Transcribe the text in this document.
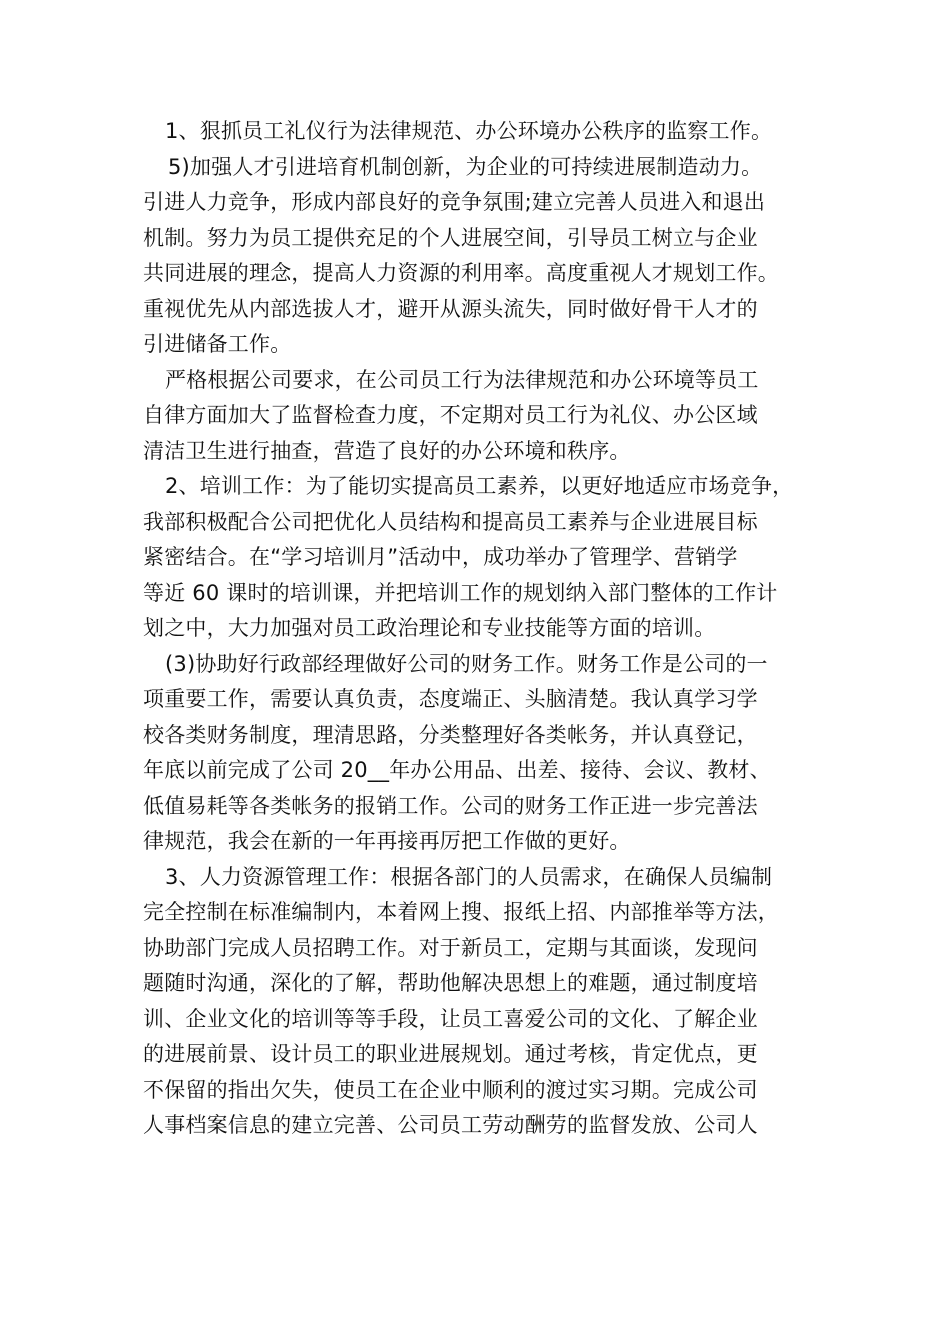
1、狠抓员工礼仪行为法律规范、办公环境办公秩序的监察工作。
5)加强人才引进培育机制创新，为企业的可持续进展制造动力。
引进人力竞争，形成内部良好的竞争氛围;建立完善人员进入和退出
机制。努力为员工提供充足的个人进展空间，引导员工树立与企业
共同进展的理念，提高人力资源的利用率。高度重视人才规划工作。
重视优先从内部选拔人才，避开从源头流失，同时做好骨干人才的
引进储备工作。
严格根据公司要求，在公司员工行为法律规范和办公环境等员工
自律方面加大了监督检查力度，不定期对员工行为礼仪、办公区域
清洁卫生进行抽查，营造了良好的办公环境和秩序。
2、培训工作：为了能切实提高员工素养，以更好地适应市场竞争，
我部积极配合公司把优化人员结构和提高员工素养与企业进展目标
紧密结合。在“学习培训月”活动中，成功举办了管理学、营销学
等近 60 课时的培训课，并把培训工作的规划纳入部门整体的工作计
划之中，大力加强对员工政治理论和专业技能等方面的培训。
(3)协助好行政部经理做好公司的财务工作。财务工作是公司的一
项重要工作，需要认真负责，态度端正、头脑清楚。我认真学习学
校各类财务制度，理清思路，分类整理好各类帐务，并认真登记，
年底以前完成了公司 20__年办公用品、出差、接待、会议、教材、
低值易耗等各类帐务的报销工作。公司的财务工作正进一步完善法
律规范，我会在新的一年再接再厉把工作做的更好。
3、人力资源管理工作：根据各部门的人员需求，在确保人员编制
完全控制在标准编制内，本着网上搜、报纸上招、内部推举等方法，
协助部门完成人员招聘工作。对于新员工，定期与其面谈，发现问
题随时沟通，深化的了解，帮助他解决思想上的难题，通过制度培
训、企业文化的培训等等手段，让员工喜爱公司的文化、了解企业
的进展前景、设计员工的职业进展规划。通过考核，肯定优点，更
不保留的指出欠失，使员工在企业中顺利的渡过实习期。完成公司
人事档案信息的建立完善、公司员工劳动酬劳的监督发放、公司人
